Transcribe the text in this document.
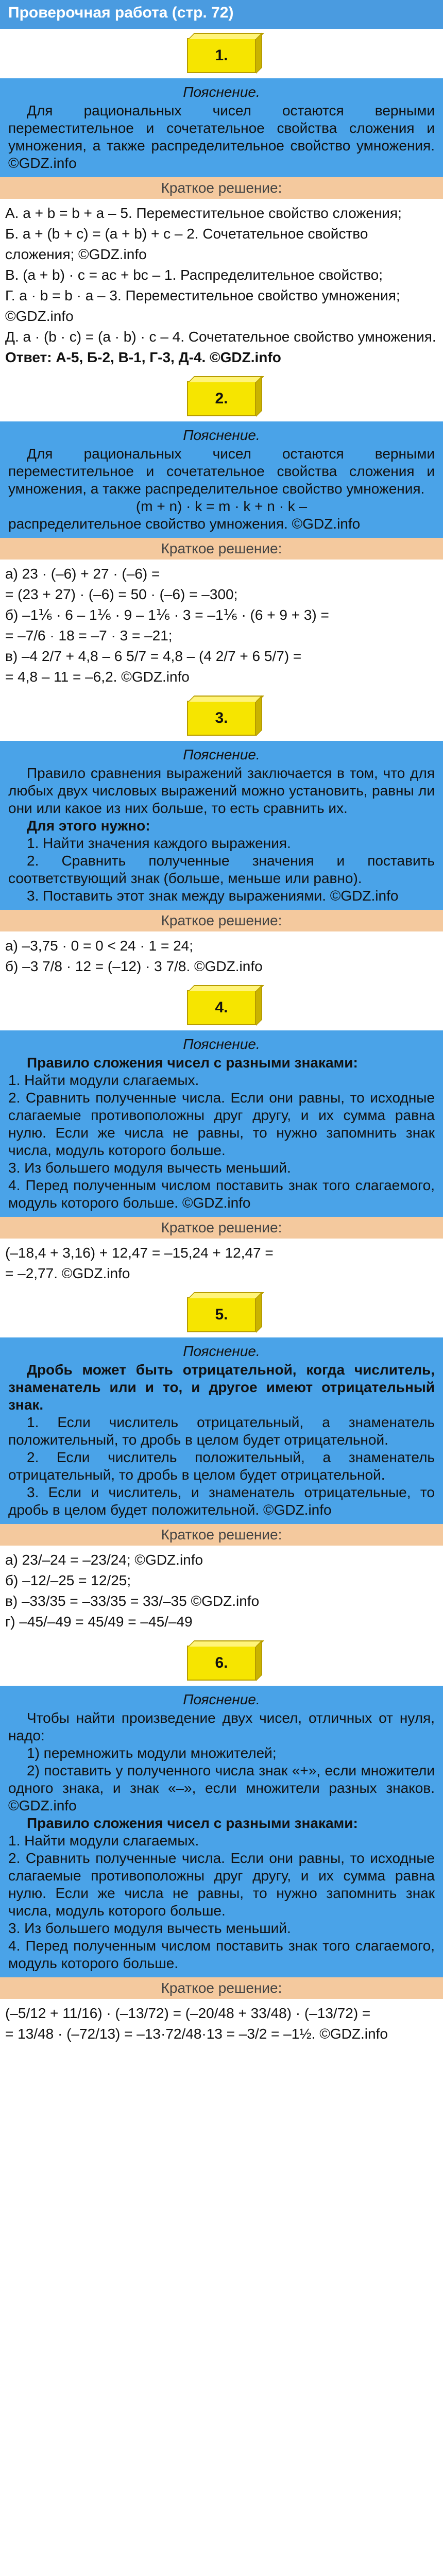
Проверочная работа (стр. 72)
1.
Пояснение.

Для рациональных чисел остаются верными переместительное и сочетательное свойства сложения и умножения, а также распределительное свойство умножения. ©GDZ.info

Краткое решение:

А. a + b = b + a – 5. Переместительное свойство сложения;

Б. a + (b + c) = (a + b) + c – 2. Сочетательное свойство сложения; ©GDZ.info

В. (a + b) · c = ac + bc – 1. Распределительное свойство;

Г. a · b = b · a – 3. Переместительное свойство умножения; ©GDZ.info

Д. a · (b · c) = (a · b) · c – 4. Сочетательное свойство умножения.

Ответ: А-5, Б-2, В-1, Г-3, Д-4. ©GDZ.info

2.
Пояснение.

Для рациональных чисел остаются верными переместительное и сочетательное свойства сложения и умножения, а также распределительное свойство умножения.

(m + n) · k = m · k + n · k –

распределительное свойство умножения. ©GDZ.info

Краткое решение:

а) 23 · (–6) + 27 · (–6) =

= (23 + 27) · (–6) = 50 · (–6) = –300;

б) –1⅙ · 6 – 1⅙ · 9 – 1⅙ · 3 = –1⅙ · (6 + 9 + 3) =

= –7/6 · 18 = –7 · 3 = –21;

в) –4 2/7 + 4,8 – 6 5/7 = 4,8 – (4 2/7 + 6 5/7) =

= 4,8 – 11 = –6,2. ©GDZ.info

3.
Пояснение.

Правило сравнения выражений заключается в том, что для любых двух числовых выражений можно установить, равны ли они или какое из них больше, то есть сравнить их.

Для этого нужно:

1. Найти значения каждого выражения.

2. Сравнить полученные значения и поставить соответствующий знак (больше, меньше или равно).

3. Поставить этот знак между выражениями. ©GDZ.info

Краткое решение:

а) –3,75 · 0 = 0 < 24 · 1 = 24;

б) –3 7/8 · 12 = (–12) · 3 7/8. ©GDZ.info

4.
Пояснение.

Правило сложения чисел с разными знаками:

1. Найти модули слагаемых.

2. Сравнить полученные числа. Если они равны, то исходные слагаемые противоположны друг другу, и их сумма равна нулю. Если же числа не равны, то нужно запомнить знак числа, модуль которого больше.

3. Из большего модуля вычесть меньший.

4. Перед полученным числом поставить знак того слагаемого, модуль которого больше. ©GDZ.info

Краткое решение:

(–18,4 + 3,16) + 12,47 = –15,24 + 12,47 =

= –2,77. ©GDZ.info

5.
Пояснение.

Дробь может быть отрицательной, когда числитель, знаменатель или и то, и другое имеют отрицательный знак.

1. Если числитель отрицательный, а знаменатель положительный, то дробь в целом будет отрицательной.

2. Если числитель положительный, а знаменатель отрицательный, то дробь в целом будет отрицательной.

3. Если и числитель, и знаменатель отрицательные, то дробь в целом будет положительной. ©GDZ.info

Краткое решение:

а) 23/–24 = –23/24; ©GDZ.info

б) –12/–25 = 12/25;

в) –33/35 = –33/35 = 33/–35 ©GDZ.info

г) –45/–49 = 45/49 = –45/–49

6.
Пояснение.

Чтобы найти произведение двух чисел, отличных от нуля, надо:

1) перемножить модули множителей;

2) поставить у полученного числа знак «+», если множители одного знака, и знак «–», если множители разных знаков. ©GDZ.info

Правило сложения чисел с разными знаками:

1. Найти модули слагаемых.

2. Сравнить полученные числа. Если они равны, то исходные слагаемые противоположны друг другу, и их сумма равна нулю. Если же числа не равны, то нужно запомнить знак числа, модуль которого больше.

3. Из большего модуля вычесть меньший.

4. Перед полученным числом поставить знак того слагаемого, модуль которого больше.

Краткое решение:

(–5/12 + 11/16) · (–13/72) = (–20/48 + 33/48) · (–13/72) =

= 13/48 · (–72/13) = –13·72/48·13 = –3/2 = –1½. ©GDZ.info
